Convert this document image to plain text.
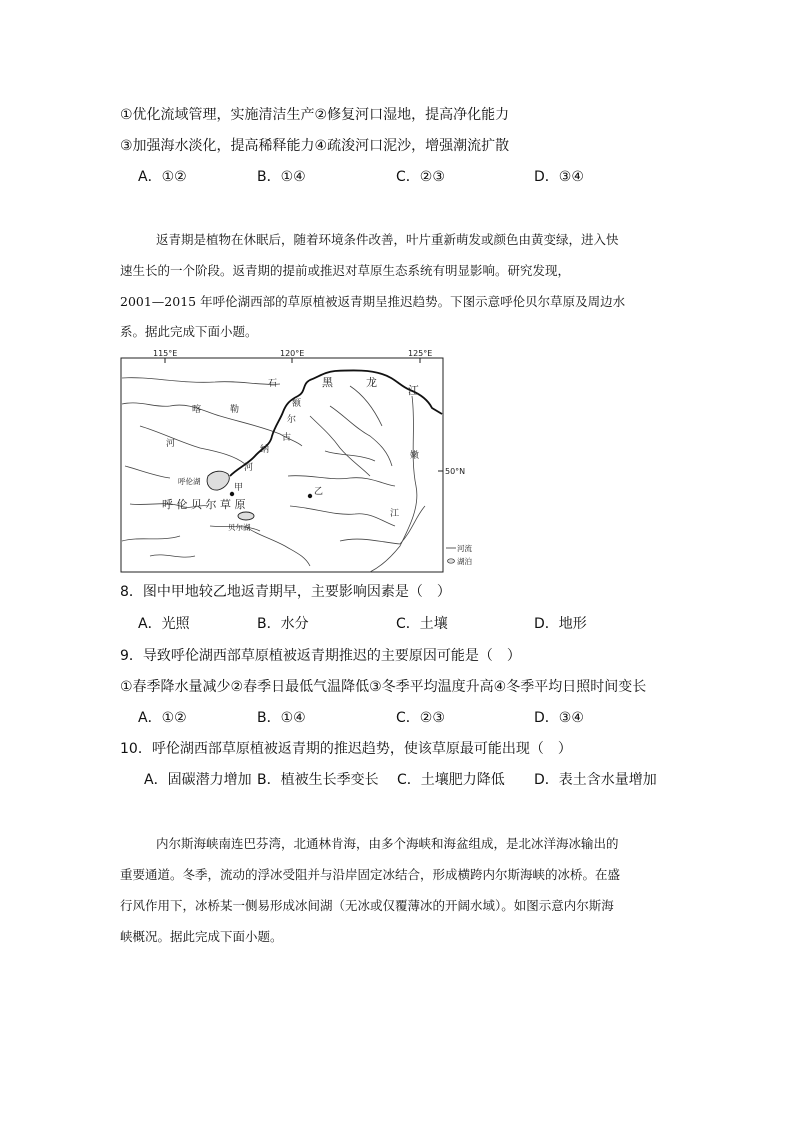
①优化流域管理，实施清洁生产②修复河口湿地，提高净化能力
③加强海水淡化，提高稀释能力④疏浚河口泥沙，增强潮流扩散
A．①②	B．①④	C．②③	D．③④
返青期是植物在休眠后，随着环境条件改善，叶片重新萌发或颜色由黄变绿，进入快
速生长的一个阶段。返青期的提前或推迟对草原生态系统有明显影响。研究发现，
2001—2015 年呼伦湖西部的草原植被返青期呈推迟趋势。下图示意呼伦贝尔草原及周边水
系。据此完成下面小题。
115°E	120°E	125°E
50°N
石	黑	龙
江
额
尔
古
纳
河
喀	勒
河
嫩
江
呼伦湖
贝尔湖
呼 伦 贝 尔 草 原
甲	乙
河流
湖泊
8．图中甲地较乙地返青期早，主要影响因素是（　）
A．光照	B．水分	C．土壤	D．地形
9．导致呼伦湖西部草原植被返青期推迟的主要原因可能是（　）
①春季降水量减少②春季日最低气温降低③冬季平均温度升高④冬季平均日照时间变长
A．①②	B．①④	C．②③	D．③④
10．呼伦湖西部草原植被返青期的推迟趋势，使该草原最可能出现（　）
A．固碳潜力增加 B．植被生长季变长 C．土壤肥力降低 D．表土含水量增加
内尔斯海峡南连巴芬湾，北通林肯海，由多个海峡和海盆组成，是北冰洋海冰输出的
重要通道。冬季，流动的浮冰受阻并与沿岸固定冰结合，形成横跨内尔斯海峡的冰桥。在盛
行风作用下，冰桥某一侧易形成冰间湖（无冰或仅覆薄冰的开阔水域）。如图示意内尔斯海
峡概况。据此完成下面小题。
